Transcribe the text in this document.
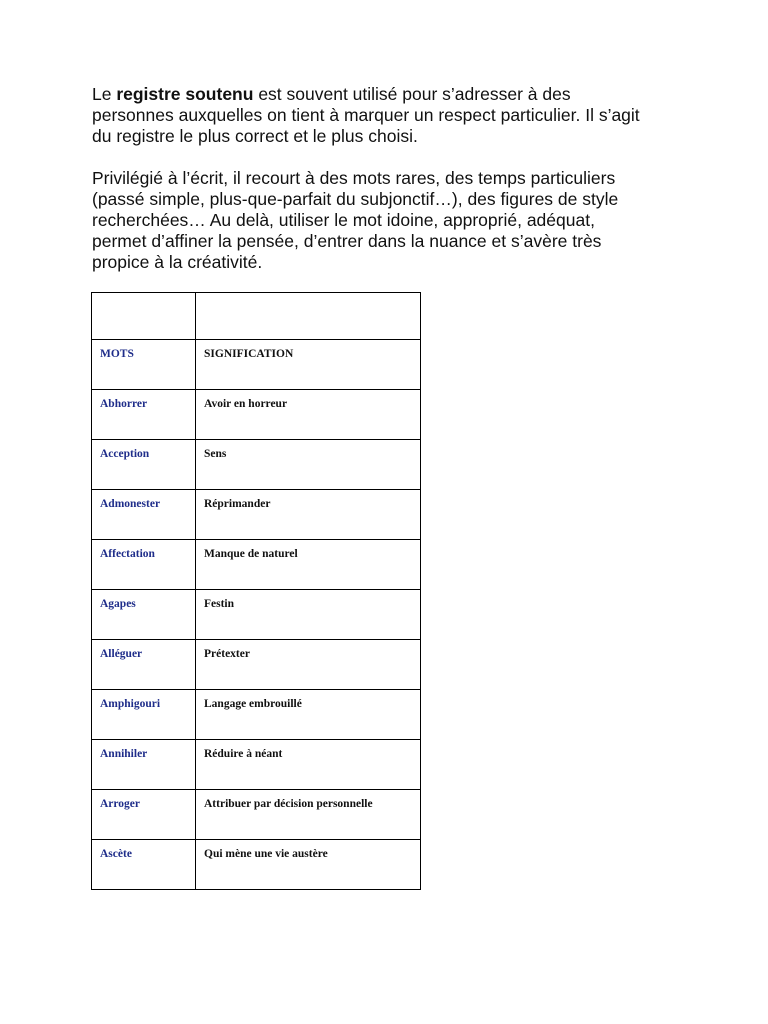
Le registre soutenu est souvent utilisé pour s’adresser à des personnes auxquelles on tient à marquer un respect particulier. Il s’agit du registre le plus correct et le plus choisi.

Privilégié à l’écrit, il recourt à des mots rares, des temps particuliers (passé simple, plus-que-parfait du subjonctif…), des figures de style recherchées… Au delà, utiliser le mot idoine, approprié, adéquat, permet d’affiner la pensée, d’entrer dans la nuance et s’avère très propice à la créativité.

MOTS	SIGNIFICATION
Abhorrer	Avoir en horreur
Acception	Sens
Admonester	Réprimander
Affectation	Manque de naturel
Agapes	Festin
Alléguer	Prétexter
Amphigouri	Langage embrouillé
Annihiler	Réduire à néant
Arroger	Attribuer par décision personnelle
Ascète	Qui mène une vie austère
